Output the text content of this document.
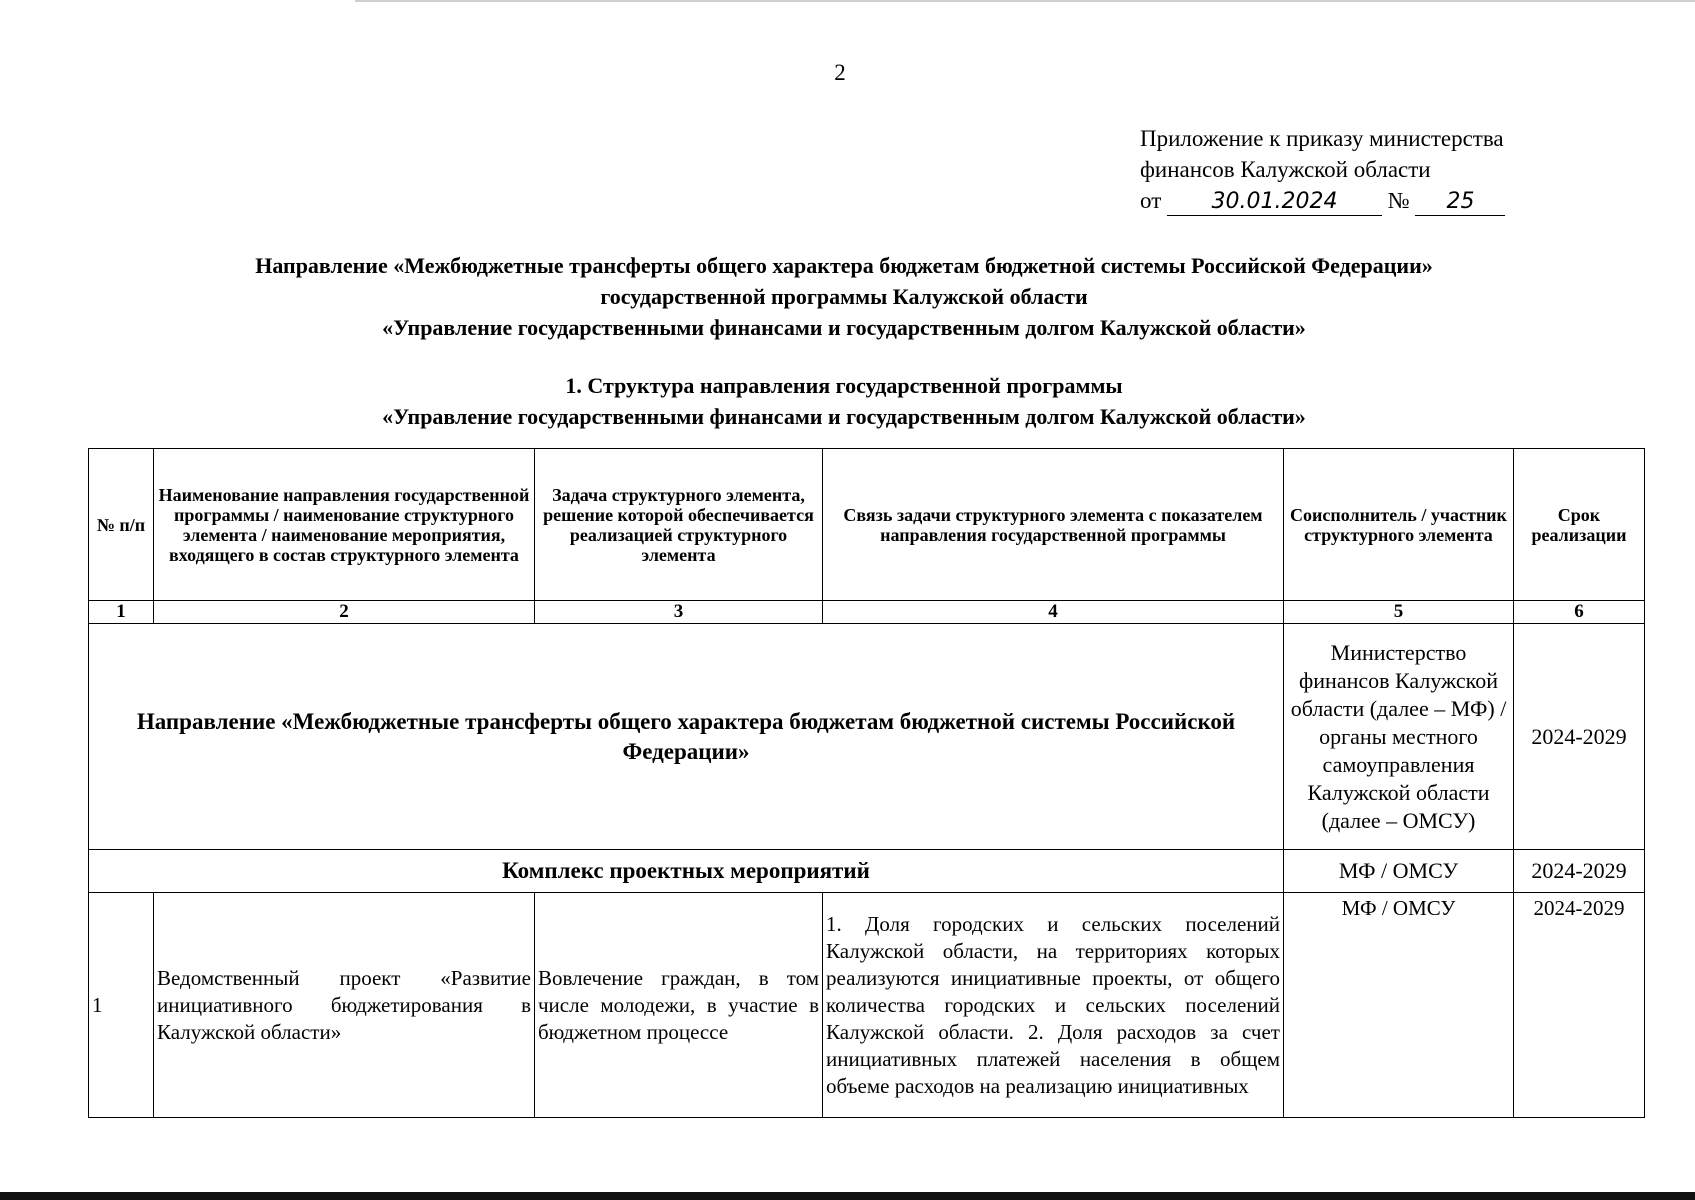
2
Приложение к приказу министерства
финансов Калужской области
от 30.01.2024 № 25
Направление «Межбюджетные трансферты общего характера бюджетам бюджетной системы Российской Федерации»
государственной программы Калужской области
«Управление государственными финансами и государственным долгом Калужской области»
1. Структура направления государственной программы
«Управление государственными финансами и государственным долгом Калужской области»
№ п/п	Наименование направления государственной программы / наименование структурного элемента / наименование мероприятия, входящего в состав структурного элемента	Задача структурного элемента, решение которой обеспечивается реализацией структурного элемента	Связь задачи структурного элемента с показателем направления государственной программы	Соисполнитель / участник структурного элемента	Срок реализации
1	2	3	4	5	6
Направление «Межбюджетные трансферты общего характера бюджетам бюджетной системы Российской Федерации»				Министерство финансов Калужской области (далее – МФ) / органы местного самоуправления Калужской области (далее – ОМСУ)	2024-2029
Комплекс проектных мероприятий				МФ / ОМСУ	2024-2029
1	Ведомственный проект «Развитие инициативного бюджетирования в Калужской области»	Вовлечение граждан, в том числе молодежи, в участие в бюджетном процессе	1. Доля городских и сельских поселений Калужской области, на территориях которых реализуются инициативные проекты, от общего количества городских и сельских поселений Калужской области. 2. Доля расходов за счет инициативных платежей населения в общем объеме расходов на реализацию инициативных	МФ / ОМСУ	2024-2029
